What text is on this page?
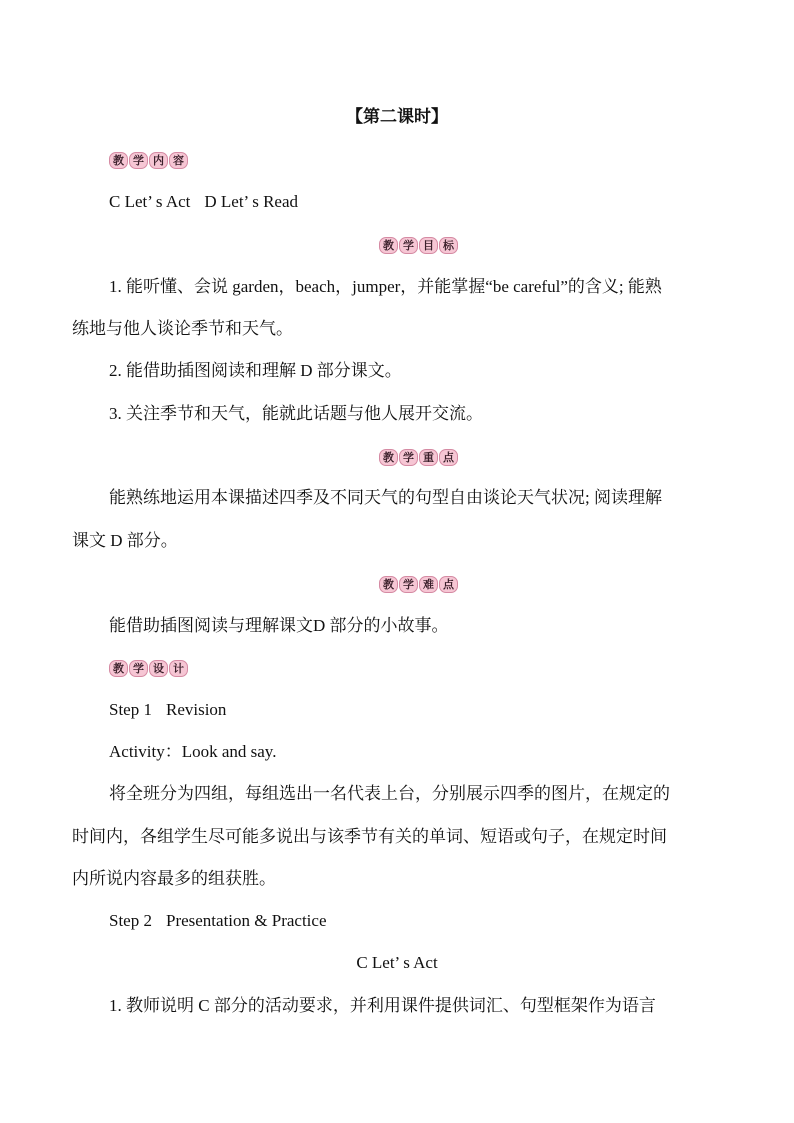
【第二课时】
教 学 内 容
C Let’ s Act D Let’ s Read
教 学 目 标
1. 能听懂、会说 garden，beach，jumper，并能掌握“be careful”的含义; 能熟
练地与他人谈论季节和天气。
2. 能借助插图阅读和理解 D 部分课文。
3. 关注季节和天气，能就此话题与他人展开交流。
教 学 重 点
能熟练地运用本课描述四季及不同天气的句型自由谈论天气状况; 阅读理解
课文 D 部分。
教 学 难 点
能借助插图阅读与理解课文D 部分的小故事。
教 学 设 计
Step 1 Revision
Activity：Look and say.
将全班分为四组，每组选出一名代表上台，分别展示四季的图片，在规定的
时间内，各组学生尽可能多说出与该季节有关的单词、短语或句子，在规定时间
内所说内容最多的组获胜。
Step 2 Presentation & Practice
C Let’ s Act
1. 教师说明 C 部分的活动要求，并利用课件提供词汇、句型框架作为语言
